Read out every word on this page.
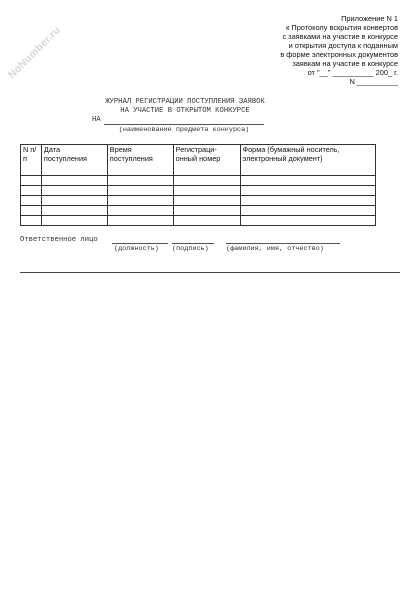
NoNumber.ru
Приложение N 1
к Протоколу вскрытия конвертов
с заявками на участие в конкурсе
и открытия доступа к поданным
в форме электронных документов
заявкам на участие в конкурсе
от "__" __________ 200_ г.
N __________
ЖУРНАЛ РЕГИСТРАЦИИ ПОСТУПЛЕНИЯ ЗАЯВОК
НА УЧАСТИЕ В ОТКРЫТОМ КОНКУРСЕ
НА
(наименование предмета конкурса)
N п/п	Дата поступления	Время поступления	Регистраци- онный номер	Форма (бумажный носитель, электронный документ)

Ответственное лицо
(должность) (подпись)	(фамилия, имя, отчество)
